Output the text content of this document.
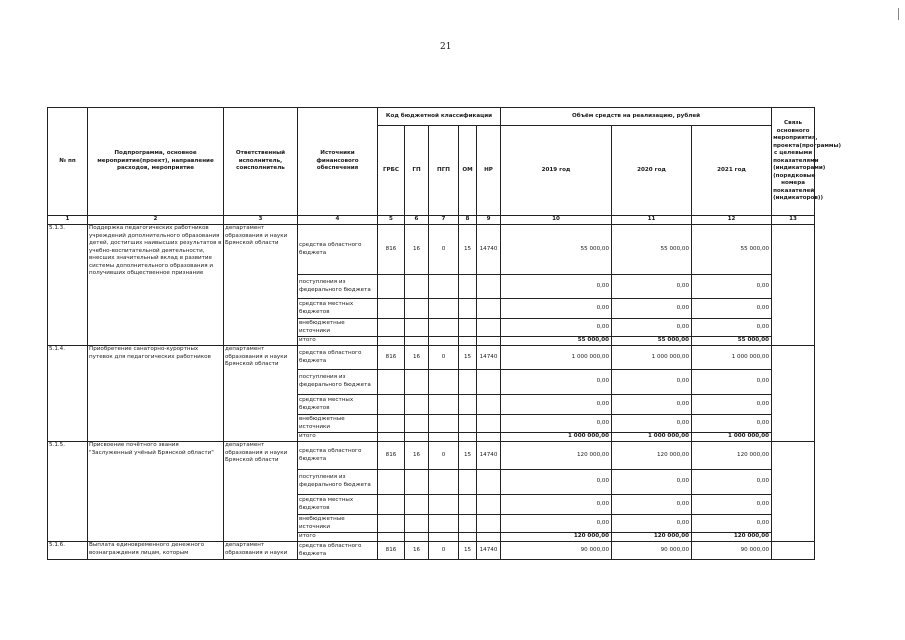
21
№ пп	Подпрограмма, основное мероприятие(проект), направление расходов, мероприятие	Ответственный исполнитель, соисполнитель	Источники финансового обеспечения	Код бюджетной классификации					Объём средств на реализацию, рублей			Связь основного мероприятия, проекта(программы) с целевыми показателями (индикаторами) (порядковые номера показателей (индикаторов))
				ГРБС	ГП	ПГП	ОМ	НР	2019 год	2020 год	2021 год	
1	2	3	4	5	6	7	8	9	10	11	12	13
5.1.3.	Поддержка педагогических работников учреждений дополнительного образования детей, достигших наивысших результатов в учебно-воспитательной деятельности, внесших значительный вклад в развитие системы дополнительного образования и получивших общественное признание	департамент образования и науки Брянской области	средства областного бюджета	816	16	0	15	14740	55 000,00	55 000,00	55 000,00	
			поступления из федерального бюджета						0,00	0,00	0,00	
			средства местных бюджетов						0,00	0,00	0,00	
			внебюджетные источники						0,00	0,00	0,00	
			итого						55 000,00	55 000,00	55 000,00	
5.1.4.	Приобретение санаторно-курортных путевок для педагогических работников	департамент образования и науки Брянской области	средства областного бюджета	816	16	0	15	14740	1 000 000,00	1 000 000,00	1 000 000,00	
			поступления из федерального бюджета						0,00	0,00	0,00	
			средства местных бюджетов						0,00	0,00	0,00	
			внебюджетные источники						0,00	0,00	0,00	
			итого						1 000 000,00	1 000 000,00	1 000 000,00	
5.1.5.	Присвоение почётного звания "Заслуженный учёный Брянской области"	департамент образования и науки Брянской области	средства областного бюджета	816	16	0	15	14740	120 000,00	120 000,00	120 000,00	
			поступления из федерального бюджета						0,00	0,00	0,00	
			средства местных бюджетов						0,00	0,00	0,00	
			внебюджетные источники						0,00	0,00	0,00	
			итого						120 000,00	120 000,00	120 000,00	
5.1.6.	Выплата единовременного денежного вознаграждения лицам, которым	департамент образования и науки	средства областного бюджета	816	16	0	15	14740	90 000,00	90 000,00	90 000,00	
